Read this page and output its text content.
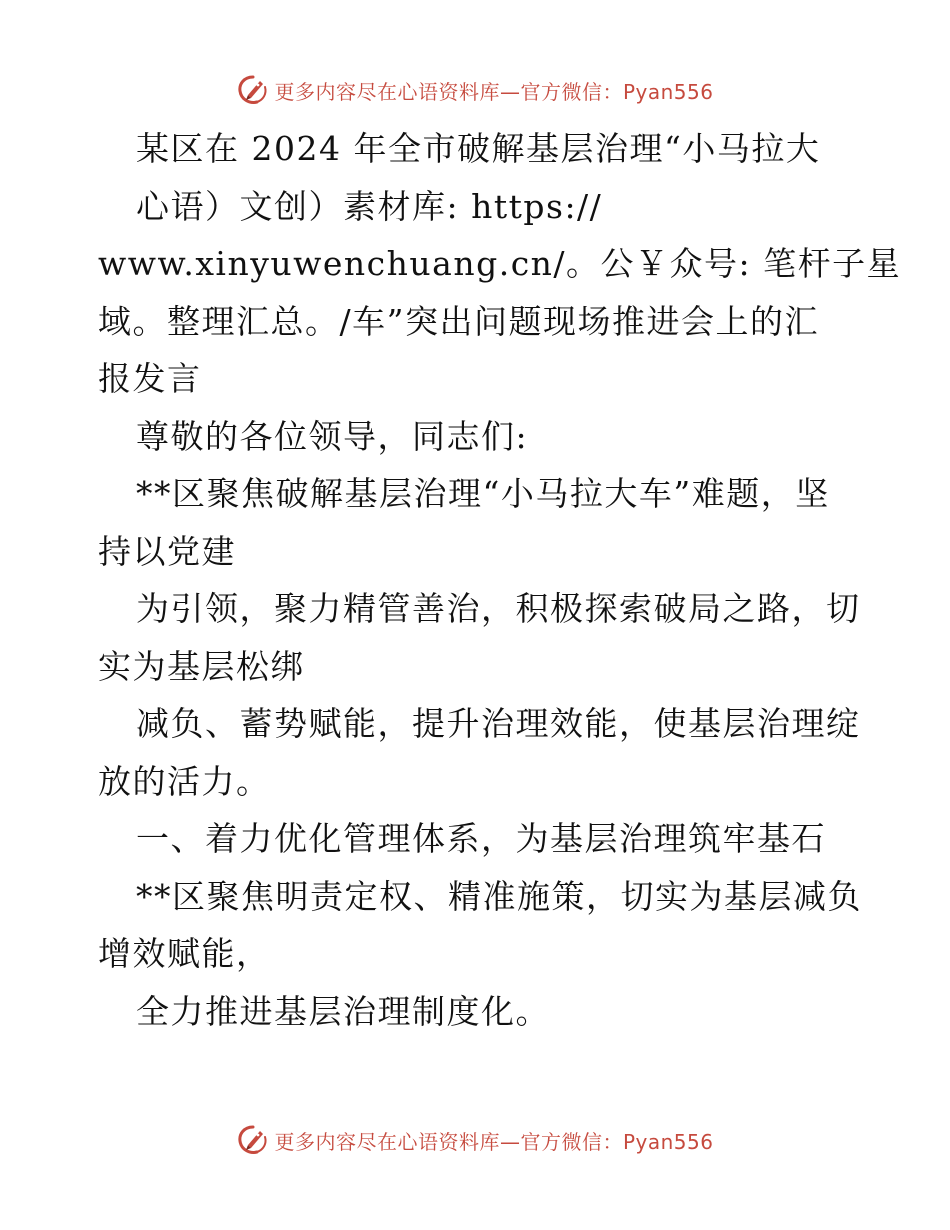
更多内容尽在心语资料库—官方微信：Pyan556
某区在 2024 年全市破解基层治理“小马拉大
心语）文创）素材库: https://
www.xinyuwenchuang.cn/。公￥众号: 笔杆子星
域。整理汇总。/车”突出问题现场推进会上的汇
报发言
尊敬的各位领导，同志们:
**区聚焦破解基层治理“小马拉大车”难题，坚
持以党建
为引领，聚力精管善治，积极探索破局之路，切
实为基层松绑
减负、蓄势赋能，提升治理效能，使基层治理绽
放的活力。
一、着力优化管理体系，为基层治理筑牢基石
**区聚焦明责定权、精准施策，切实为基层减负
增效赋能，
全力推进基层治理制度化。
更多内容尽在心语资料库—官方微信：Pyan556
